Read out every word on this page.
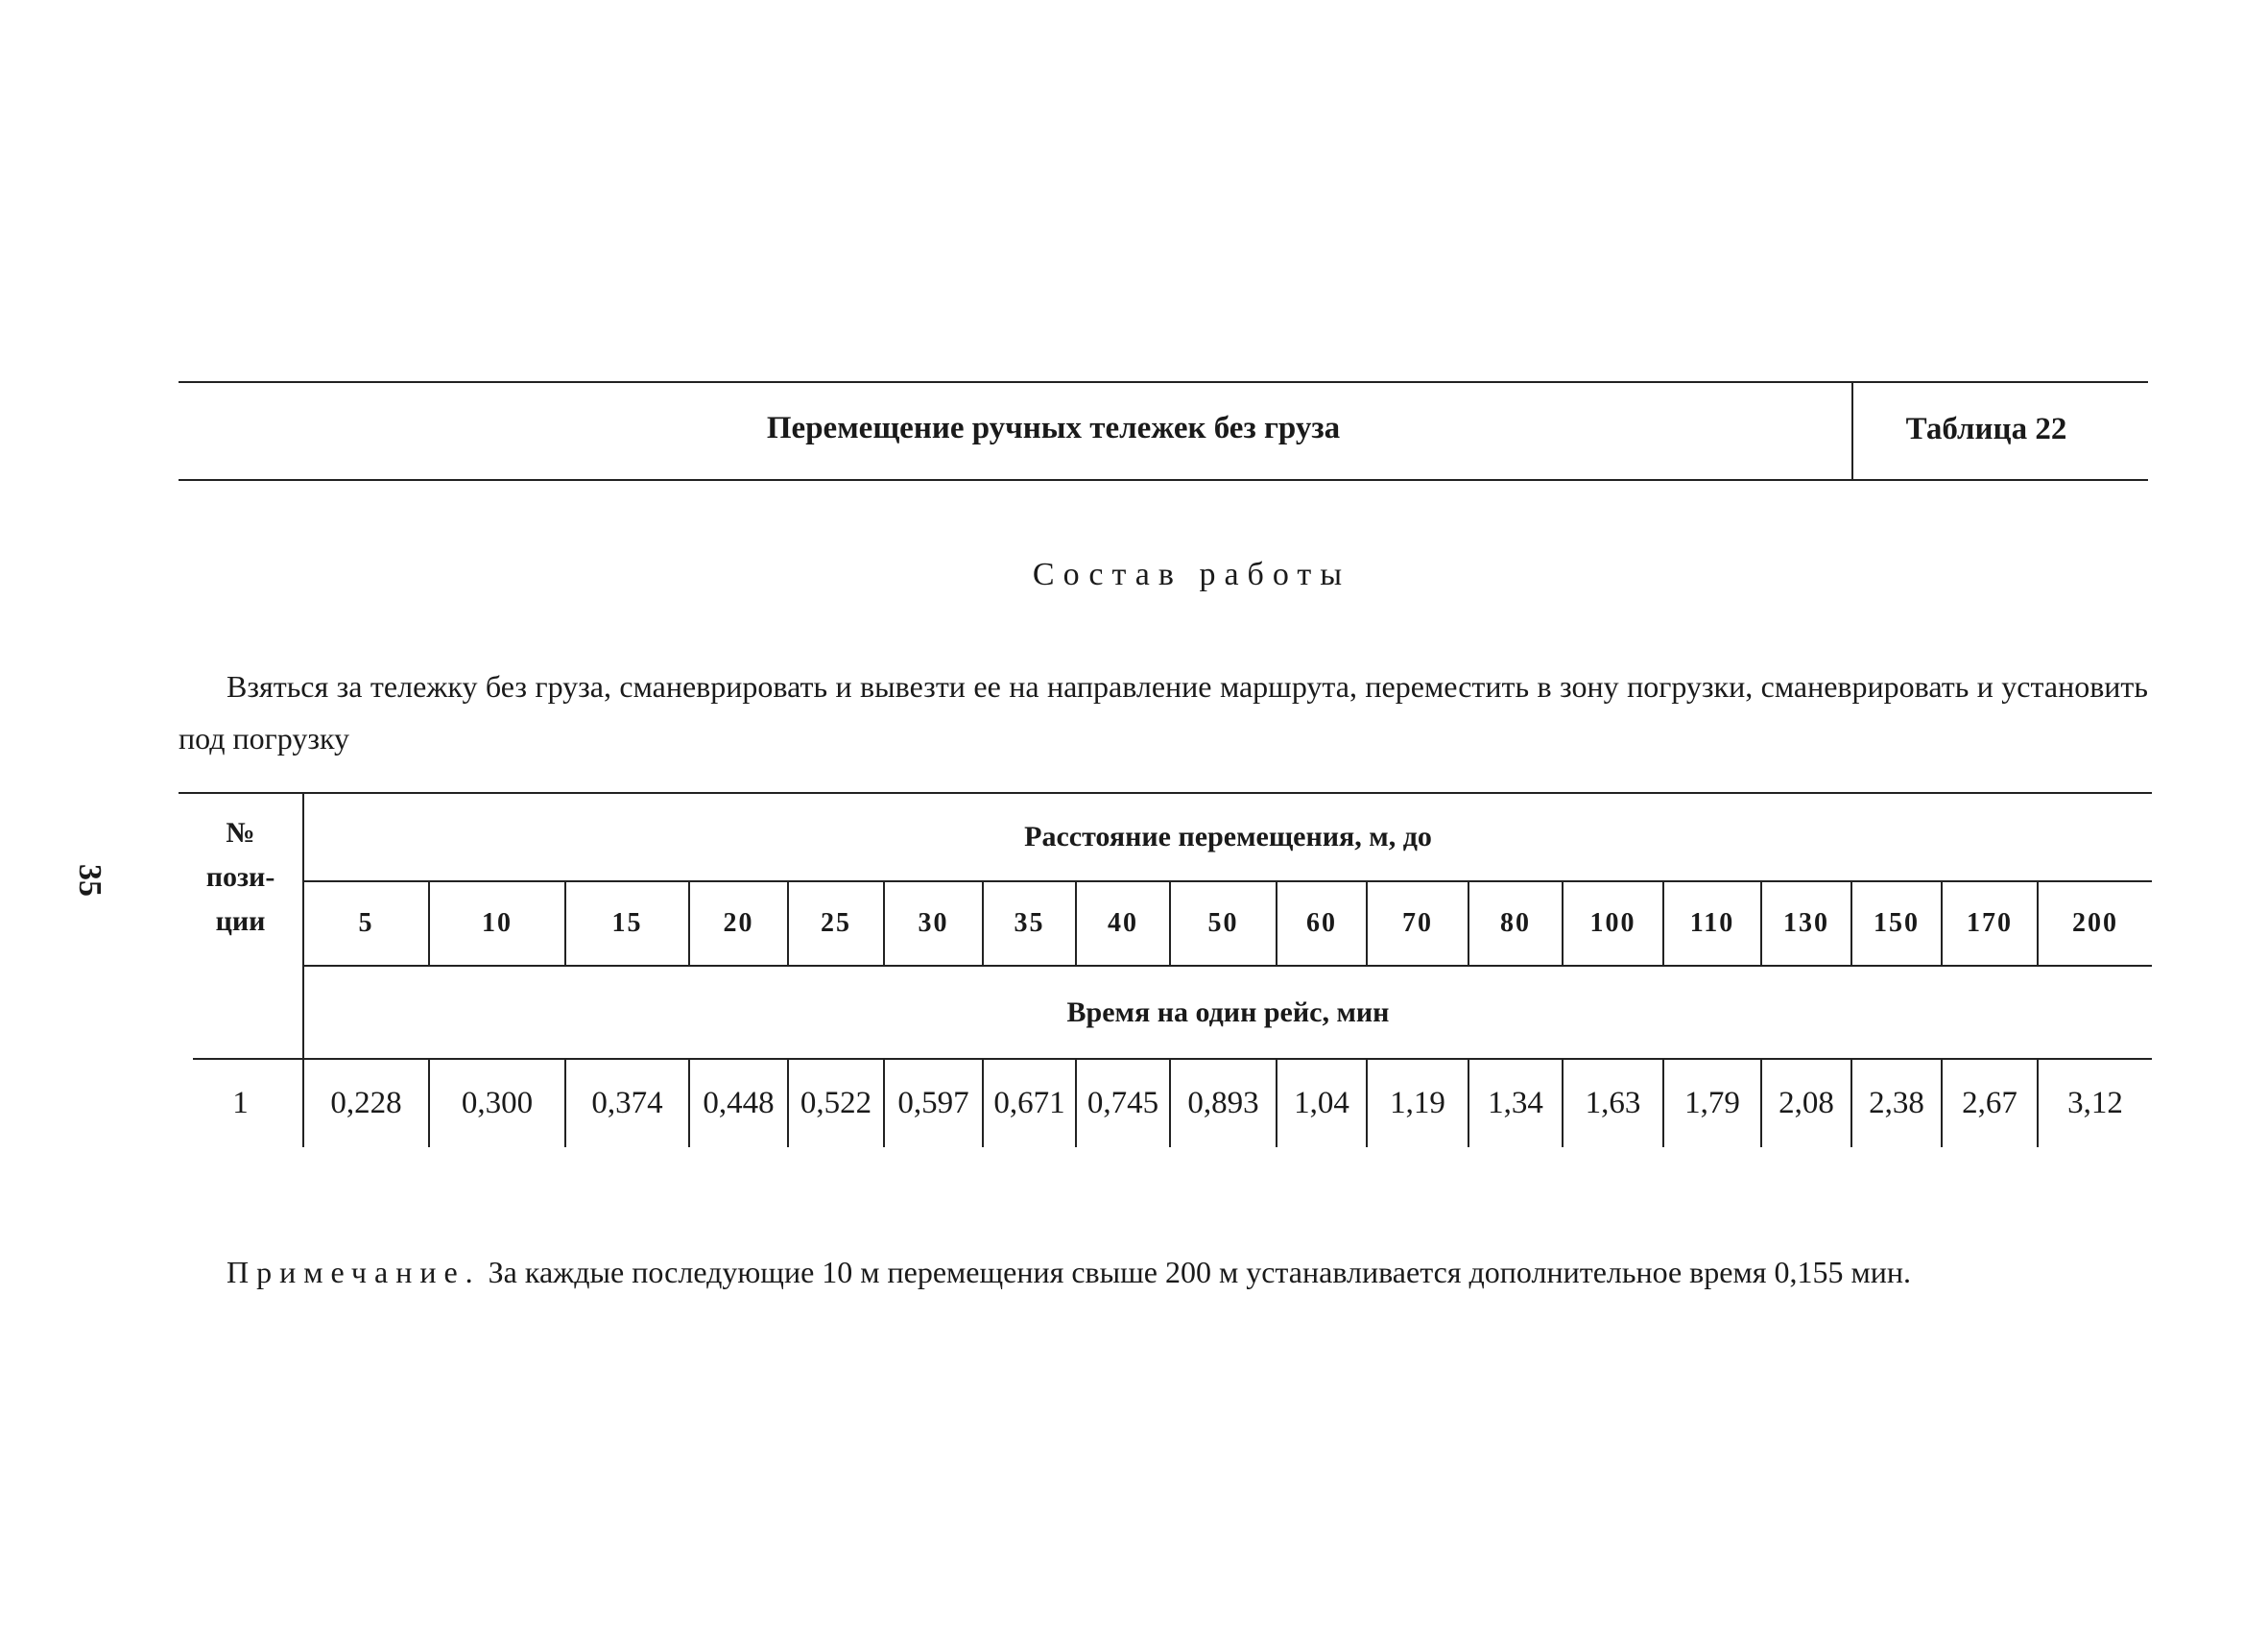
35
Перемещение ручных тележек без груза	Таблица 22
Состав работы
Взяться за тележку без груза, сманеврировать и вывезти ее на направление маршрута, переместить в зону погрузки, сманеврировать и установить под погрузку
№ пози-ции
Расстояние перемещения, м, до
Время на один рейс, мин
1
5	10	15	20	25	30	35	40	50	60	70	80	100	110	130	150	170	200
0,228	0,300	0,374	0,448 0,522 0,597 0,671 0,745 0,893	1,04	1,19	1,34	1,63	1,79	2,08	2,38	2,67	3,12
Примечание. За каждые последующие 10 м перемещения свыше 200 м устанавливается дополнительное время 0,155 мин.
